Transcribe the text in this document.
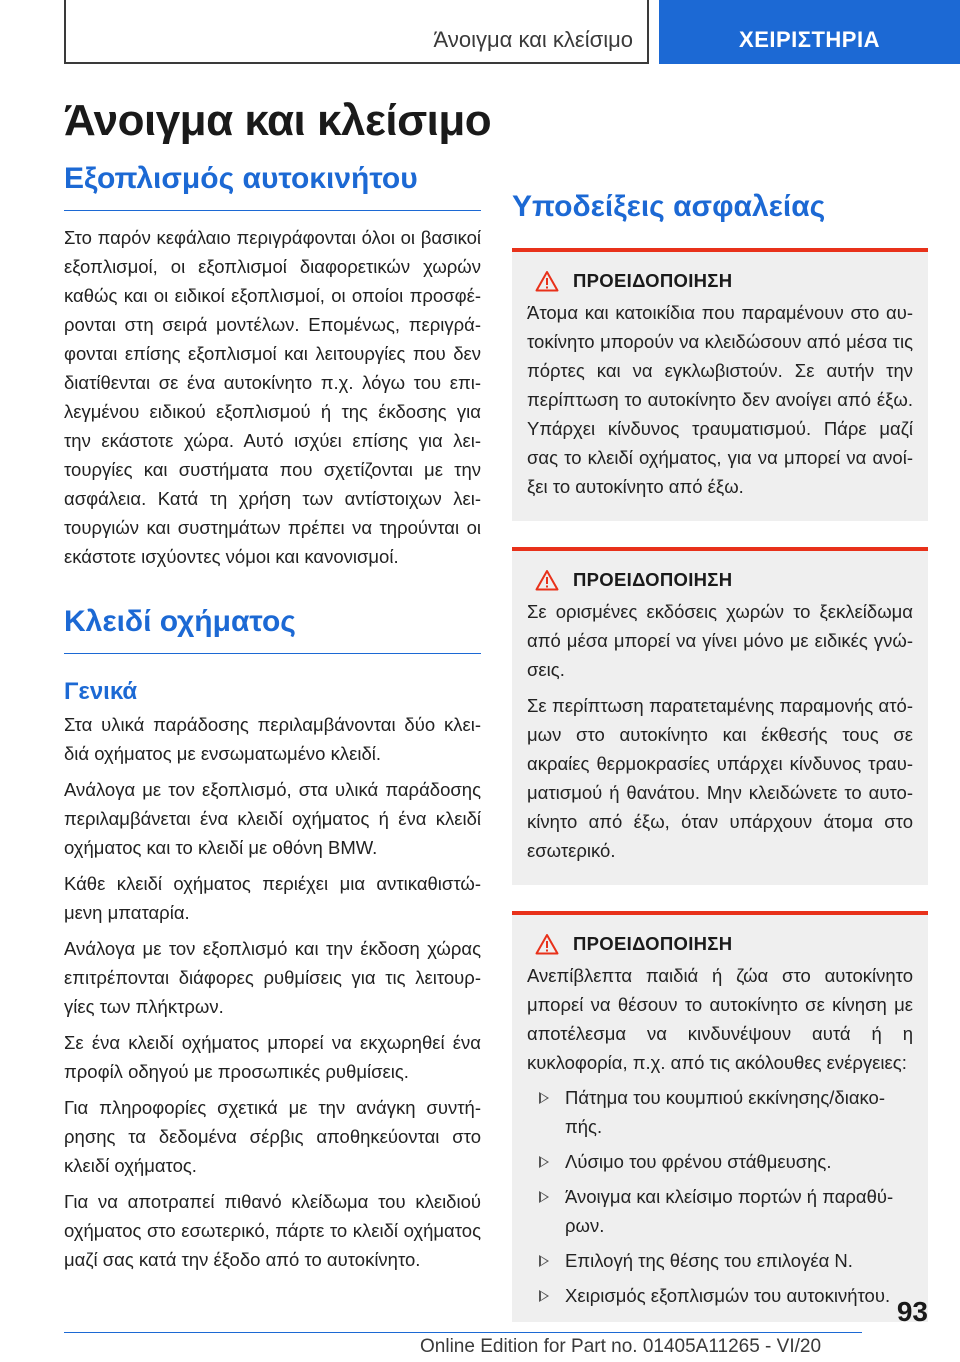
Άνοιγμα και κλείσιμο	ΧΕΙΡΙΣΤΗΡΙΑ
Άνοιγμα και κλείσιμο
Εξοπλισμός αυτοκινήτου

Στο παρόν κεφάλαιο περιγράφονται όλοι οι βασικοί εξοπλισμοί, οι εξοπλισμοί διαφορετικών χωρών καθώς και οι ειδικοί εξοπλισμοί, οι οποίοι προσφέρονται στη σειρά μοντέλων. Επομένως, περιγράφονται επίσης εξοπλισμοί και λειτουργίες που δεν διατίθενται σε ένα αυτοκίνητο π.χ. λόγω του επιλεγμένου ειδικού εξοπλισμού ή της έκδοσης για την εκάστοτε χώρα. Αυτό ισχύει επίσης για λειτουργίες και συστήματα που σχετίζονται με την ασφάλεια. Κατά τη χρήση των αντίστοιχων λειτουργιών και συστημάτων πρέπει να τηρούνται οι εκάστοτε ισχύοντες νόμοι και κανονισμοί.

Κλειδί οχήματος
Γενικά

Στα υλικά παράδοσης περιλαμβάνονται δύο κλειδιά οχήματος με ενσωματωμένο κλειδί.

Ανάλογα με τον εξοπλισμό, στα υλικά παράδοσης περιλαμβάνεται ένα κλειδί οχήματος ή ένα κλειδί οχήματος και το κλειδί με οθόνη BMW.

Κάθε κλειδί οχήματος περιέχει μια αντικαθιστώμενη μπαταρία.

Ανάλογα με τον εξοπλισμό και την έκδοση χώρας επιτρέπονται διάφορες ρυθμίσεις για τις λειτουργίες των πλήκτρων.

Σε ένα κλειδί οχήματος μπορεί να εκχωρηθεί ένα προφίλ οδηγού με προσωπικές ρυθμίσεις.

Για πληροφορίες σχετικά με την ανάγκη συντήρησης τα δεδομένα σέρβις αποθηκεύονται στο κλειδί οχήματος.

Για να αποτραπεί πιθανό κλείδωμα του κλειδιού οχήματος στο εσωτερικό, πάρτε το κλειδί οχήματος μαζί σας κατά την έξοδο από το αυτοκίνητο.

Υποδείξεις ασφαλείας
ΠΡΟΕΙΔΟΠΟΙΗΣΗ

Άτομα και κατοικίδια που παραμένουν στο αυτοκίνητο μπορούν να κλειδώσουν από μέσα τις πόρτες και να εγκλωβιστούν. Σε αυτήν την περίπτωση το αυτοκίνητο δεν ανοίγει από έξω. Υπάρχει κίνδυνος τραυματισμού. Πάρε μαζί σας το κλειδί οχήματος, για να μπορεί να ανοίξει το αυτοκίνητο από έξω.

ΠΡΟΕΙΔΟΠΟΙΗΣΗ

Σε ορισμένες εκδόσεις χωρών το ξεκλείδωμα από μέσα μπορεί να γίνει μόνο με ειδικές γνώσεις.

Σε περίπτωση παρατεταμένης παραμονής ατόμων στο αυτοκίνητο και έκθεσής τους σε ακραίες θερμοκρασίες υπάρχει κίνδυνος τραυματισμού ή θανάτου. Μην κλειδώνετε το αυτοκίνητο από έξω, όταν υπάρχουν άτομα στο εσωτερικό.

ΠΡΟΕΙΔΟΠΟΙΗΣΗ

Ανεπίβλεπτα παιδιά ή ζώα στο αυτοκίνητο μπορεί να θέσουν το αυτοκίνητο σε κίνηση με αποτέλεσμα να κινδυνέψουν αυτά ή η κυκλοφορία, π.χ. από τις ακόλουθες ενέργειες:

Πάτημα του κουμπιού εκκίνησης/διακοπής.
Λύσιμο του φρένου στάθμευσης.
Άνοιγμα και κλείσιμο πορτών ή παραθύρων.
Επιλογή της θέσης του επιλογέα N.
Χειρισμός εξοπλισμών του αυτοκινήτου.
93
Online Edition for Part no. 01405A11265 - VI/20
